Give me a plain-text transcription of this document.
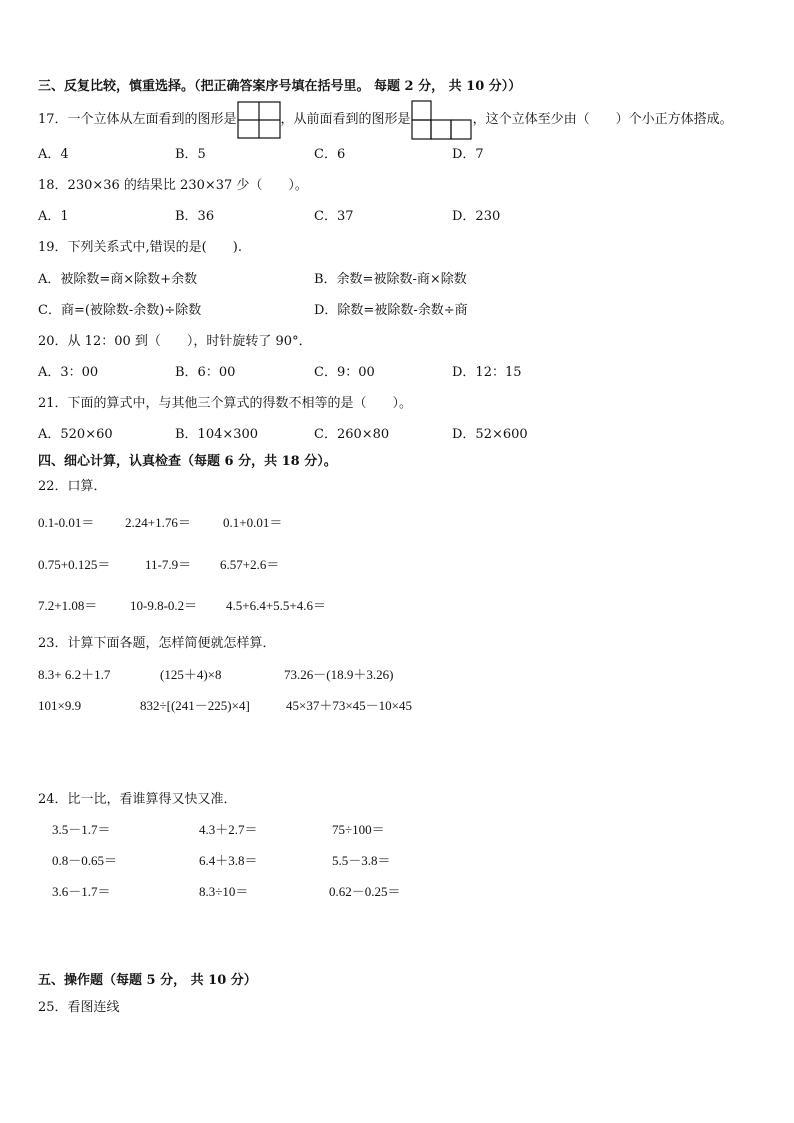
三、反复比较，慎重选择。（把正确答案序号填在括号里。 每题 2 分， 共 10 分））
17．一个立体从左面看到的图形是	，从前面看到的图形是	，这个立体至少由（　　）个小正方体搭成。
A．4	B．5	C．6	D．7
18．230×36 的结果比 230×37 少（　　）。
A．1	B．36	C．37	D．230
19．下列关系式中,错误的是(　　).
A．被除数=商×除数+余数	B．余数=被除数-商×除数
C．商=(被除数-余数)÷除数	D．除数=被除数-余数÷商
20．从 12：00 到（　　），时针旋转了 90°．
A．3：00	B．6：00	C．9：00	D．12：15
21．下面的算式中，与其他三个算式的得数不相等的是（　　）。
A．520×60	B．104×300	C．260×80	D．52×600
四、细心计算，认真检查（每题 6 分，共 18 分）。
22．口算．
0.1-0.01＝ 2.24+1.76＝ 0.1+0.01＝
0.75+0.125＝	11-7.9＝ 6.57+2.6＝
7.2+1.08＝	10-9.8-0.2＝ 4.5+6.4+5.5+4.6＝
23．计算下面各题，怎样简便就怎样算．
8.3+ 6.2＋1.7	(125＋4)×8	73.26－(18.9＋3.26)
101×9.9	832÷[(241－225)×4]	45×37＋73×45－10×45
24．比一比，看谁算得又快又准．
3.5－1.7＝	4.3＋2.7＝	75÷100＝
0.8－0.65＝	6.4＋3.8＝	5.5－3.8＝
3.6－1.7＝	8.3÷10＝	0.62－0.25＝
五、操作题（每题 5 分， 共 10 分）
25．看图连线
